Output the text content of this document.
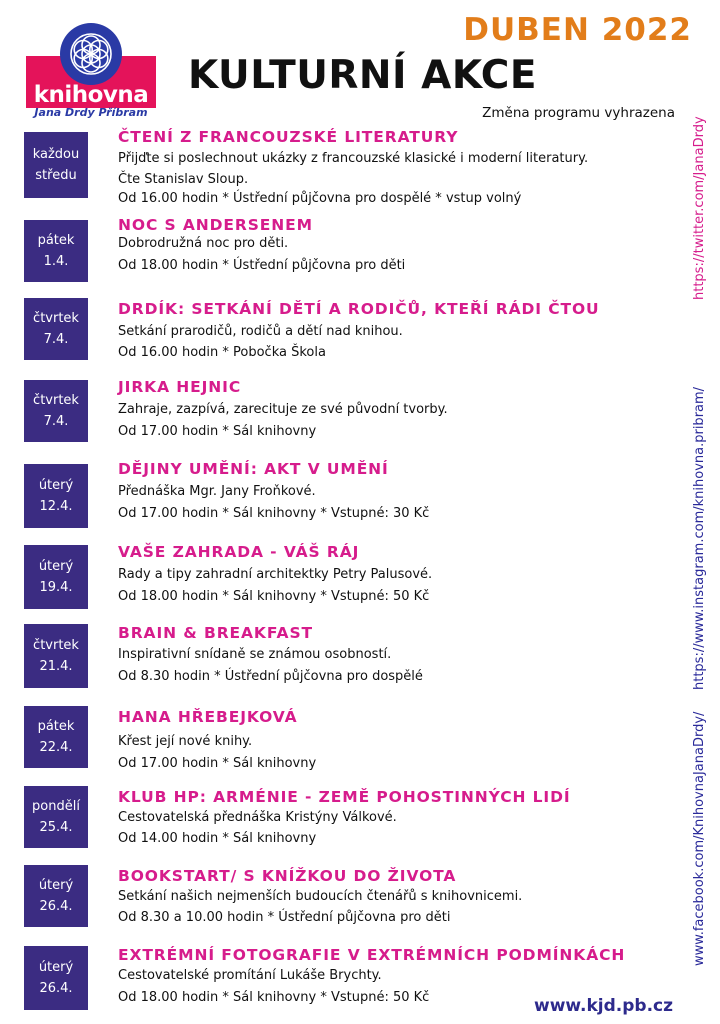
knihovna
Jana Drdy Příbram
DUBEN 2022
KULTURNÍ AKCE
Změna programu vyhrazena
každou
středu
ČTENÍ Z FRANCOUZSKÉ LITERATURY
Přijďte si poslechnout ukázky z francouzské klasické i moderní literatury.
Čte Stanislav Sloup.
Od 16.00 hodin * Ústřední půjčovna pro dospělé * vstup volný
pátek
1.4.
NOC S ANDERSENEM
Dobrodružná noc pro děti.
Od 18.00 hodin * Ústřední půjčovna pro děti
čtvrtek
7.4.
DRDÍK: SETKÁNÍ DĚTÍ A RODIČŮ, KTEŘÍ RÁDI ČTOU
Setkání prarodičů, rodičů a dětí nad knihou.
Od 16.00 hodin * Pobočka Škola
čtvrtek
7.4.
JIRKA HEJNIC
Zahraje, zazpívá, zarecituje ze své původní tvorby.
Od 17.00 hodin * Sál knihovny
úterý
12.4.
DĚJINY UMĚNÍ: AKT V UMĚNÍ
Přednáška Mgr. Jany Froňkové.
Od 17.00 hodin * Sál knihovny * Vstupné: 30 Kč
úterý
19.4.
VAŠE ZAHRADA - VÁŠ RÁJ
Rady a tipy zahradní architektky Petry Palusové.
Od 18.00 hodin * Sál knihovny * Vstupné: 50 Kč
čtvrtek
21.4.
BRAIN & BREAKFAST
Inspirativní snídaně se známou osobností.
Od 8.30 hodin * Ústřední půjčovna pro dospělé
pátek
22.4.
HANA HŘEBEJKOVÁ
Křest její nové knihy.
Od 17.00 hodin * Sál knihovny
pondělí
25.4.
KLUB HP: ARMÉNIE - ZEMĚ POHOSTINNÝCH LIDÍ
Cestovatelská přednáška Kristýny Válkové.
Od 14.00 hodin * Sál knihovny
úterý
26.4.
BOOKSTART/ S KNÍŽKOU DO ŽIVOTA
Setkání našich nejmenších budoucích čtenářů s knihovnicemi.
Od 8.30 a 10.00 hodin * Ústřední půjčovna pro děti
úterý
26.4.
EXTRÉMNÍ FOTOGRAFIE V EXTRÉMNÍCH PODMÍNKÁCH
Cestovatelské promítání Lukáše Brychty.
Od 18.00 hodin * Sál knihovny * Vstupné: 50 Kč
https://twitter.com/JanaDrdy
https://www.instagram.com/knihovna.pribram/
www.facebook.com/KnihovnaJanaDrdy/
www.kjd.pb.cz
